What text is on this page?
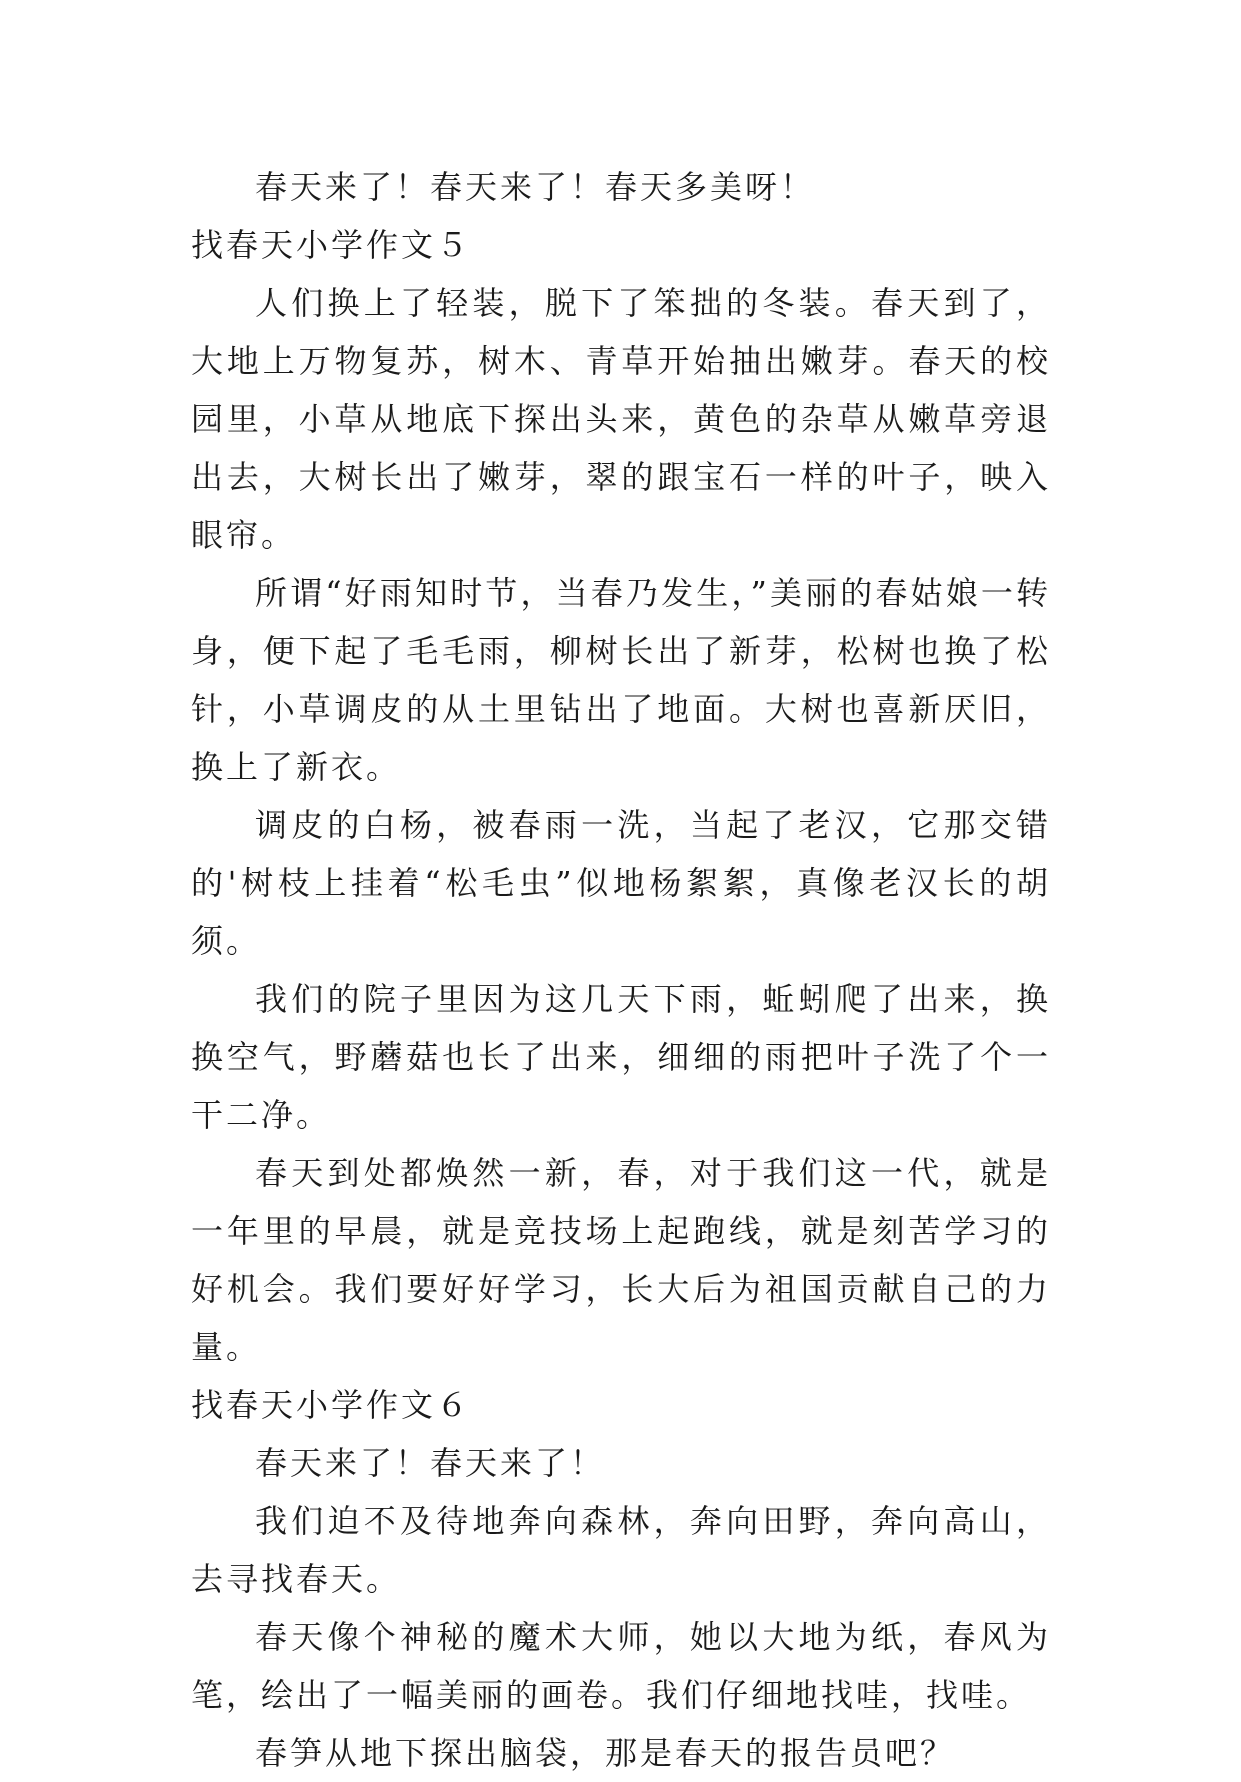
春天来了！春天来了！春天多美呀！

找春天小学作文５

人们换上了轻装，脱下了笨拙的冬装。春天到了，大地上万物复苏，树木、青草开始抽出嫩芽。春天的校园里，小草从地底下探出头来，黄色的杂草从嫩草旁退出去，大树长出了嫩芽，翠的跟宝石一样的叶子，映入眼帘。

所谓“好雨知时节，当春乃发生，”美丽的春姑娘一转身，便下起了毛毛雨，柳树长出了新芽，松树也换了松针，小草调皮的从土里钻出了地面。大树也喜新厌旧，换上了新衣。

调皮的白杨，被春雨一洗，当起了老汉，它那交错的'树枝上挂着“松毛虫”似地杨絮絮，真像老汉长的胡须。

我们的院子里因为这几天下雨，蚯蚓爬了出来，换换空气，野蘑菇也长了出来，细细的雨把叶子洗了个一干二净。

春天到处都焕然一新，春，对于我们这一代，就是一年里的早晨，就是竞技场上起跑线，就是刻苦学习的好机会。我们要好好学习，长大后为祖国贡献自己的力量。

找春天小学作文６

春天来了！春天来了！

我们迫不及待地奔向森林，奔向田野，奔向高山，去寻找春天。

春天像个神秘的魔术大师，她以大地为纸，春风为笔，绘出了一幅美丽的画卷。我们仔细地找哇，找哇。

春笋从地下探出脑袋，那是春天的报告员吧？
